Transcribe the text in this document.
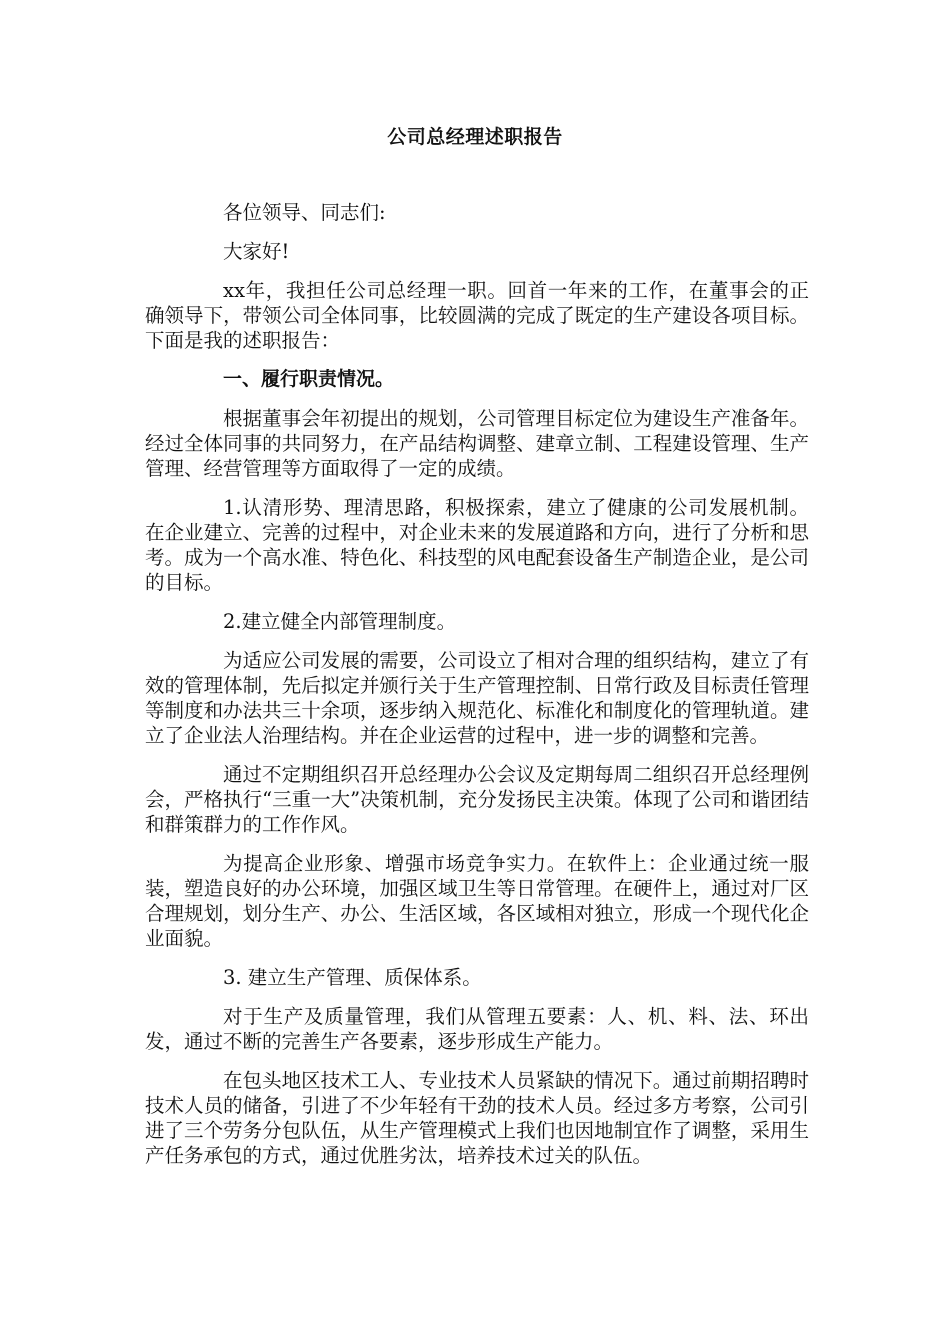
公司总经理述职报告

各位领导、同志们:

大家好!

xx年，我担任公司总经理一职。回首一年来的工作，在董事会的正确领导下，带领公司全体同事，比较圆满的完成了既定的生产建设各项目标。下面是我的述职报告：

一、履行职责情况。

根据董事会年初提出的规划，公司管理目标定位为建设生产准备年。经过全体同事的共同努力，在产品结构调整、建章立制、工程建设管理、生产管理、经营管理等方面取得了一定的成绩。

1.认清形势、理清思路，积极探索，建立了健康的公司发展机制。 在企业建立、完善的过程中，对企业未来的发展道路和方向，进行了分析和思考。成为一个高水准、特色化、科技型的风电配套设备生产制造企业，是公司的目标。

2.建立健全内部管理制度。

为适应公司发展的需要，公司设立了相对合理的组织结构，建立了有效的管理体制，先后拟定并颁行关于生产管理控制、日常行政及目标责任管理等制度和办法共三十余项，逐步纳入规范化、标准化和制度化的管理轨道。建立了企业法人治理结构。并在企业运营的过程中，进一步的调整和完善。

通过不定期组织召开总经理办公会议及定期每周二组织召开总经理例会，严格执行“三重一大”决策机制，充分发扬民主决策。体现了公司和谐团结和群策群力的工作作风。

为提高企业形象、增强市场竞争实力。在软件上：企业通过统一服装，塑造良好的办公环境，加强区域卫生等日常管理。在硬件上，通过对厂区合理规划，划分生产、办公、生活区域，各区域相对独立，形成一个现代化企业面貌。

3. 建立生产管理、质保体系。

对于生产及质量管理，我们从管理五要素：人、机、料、法、环出发，通过不断的完善生产各要素，逐步形成生产能力。

在包头地区技术工人、专业技术人员紧缺的情况下。通过前期招聘时技术人员的储备，引进了不少年轻有干劲的技术人员。经过多方考察，公司引进了三个劳务分包队伍，从生产管理模式上我们也因地制宜作了调整，采用生产任务承包的方式，通过优胜劣汰，培养技术过关的队伍。
